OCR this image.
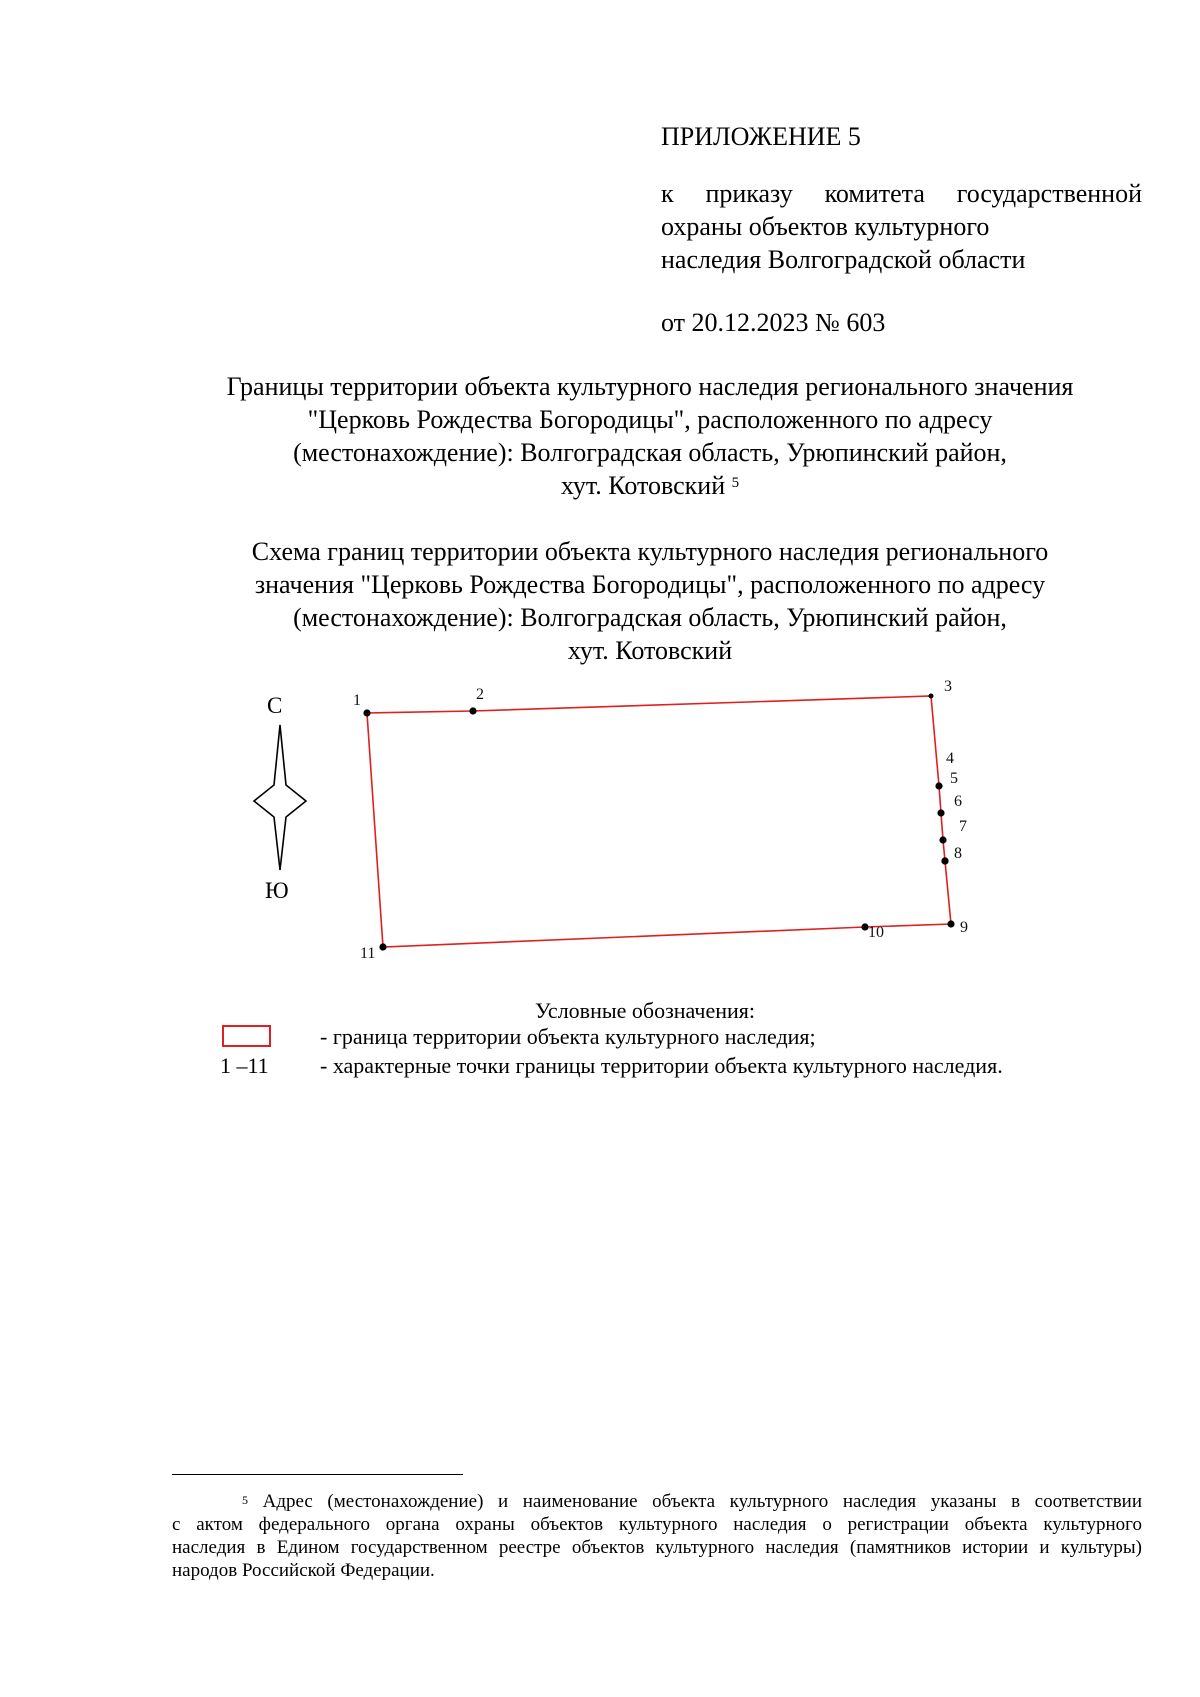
ПРИЛОЖЕНИЕ 5
к приказу комитета государственной
охраны объектов культурного
наследия Волгоградской области
от 20.12.2023 № 603
Границы территории объекта культурного наследия регионального значения
"Церковь Рождества Богородицы", расположенного по адресу
(местонахождение): Волгоградская область, Урюпинский район,
хут. Котовский $^5$
Схема границ территории объекта культурного наследия регионального
значения "Церковь Рождества Богородицы", расположенного по адресу
(местонахождение): Волгоградская область, Урюпинский район,
хут. Котовский
С
Ю
1	2	3
4
5
6
7
8
9
10
11
Условные обозначения:
- граница территории объекта культурного наследия;
1 –11 - характерные точки границы территории объекта культурного наследия.
$^5$ Адрес (местонахождение) и наименование объекта культурного наследия указаны в соответствии
с актом федерального органа охраны объектов культурного наследия о регистрации объекта культурного
наследия в Едином государственном реестре объектов культурного наследия (памятников истории и культуры)
народов Российской Федерации.
